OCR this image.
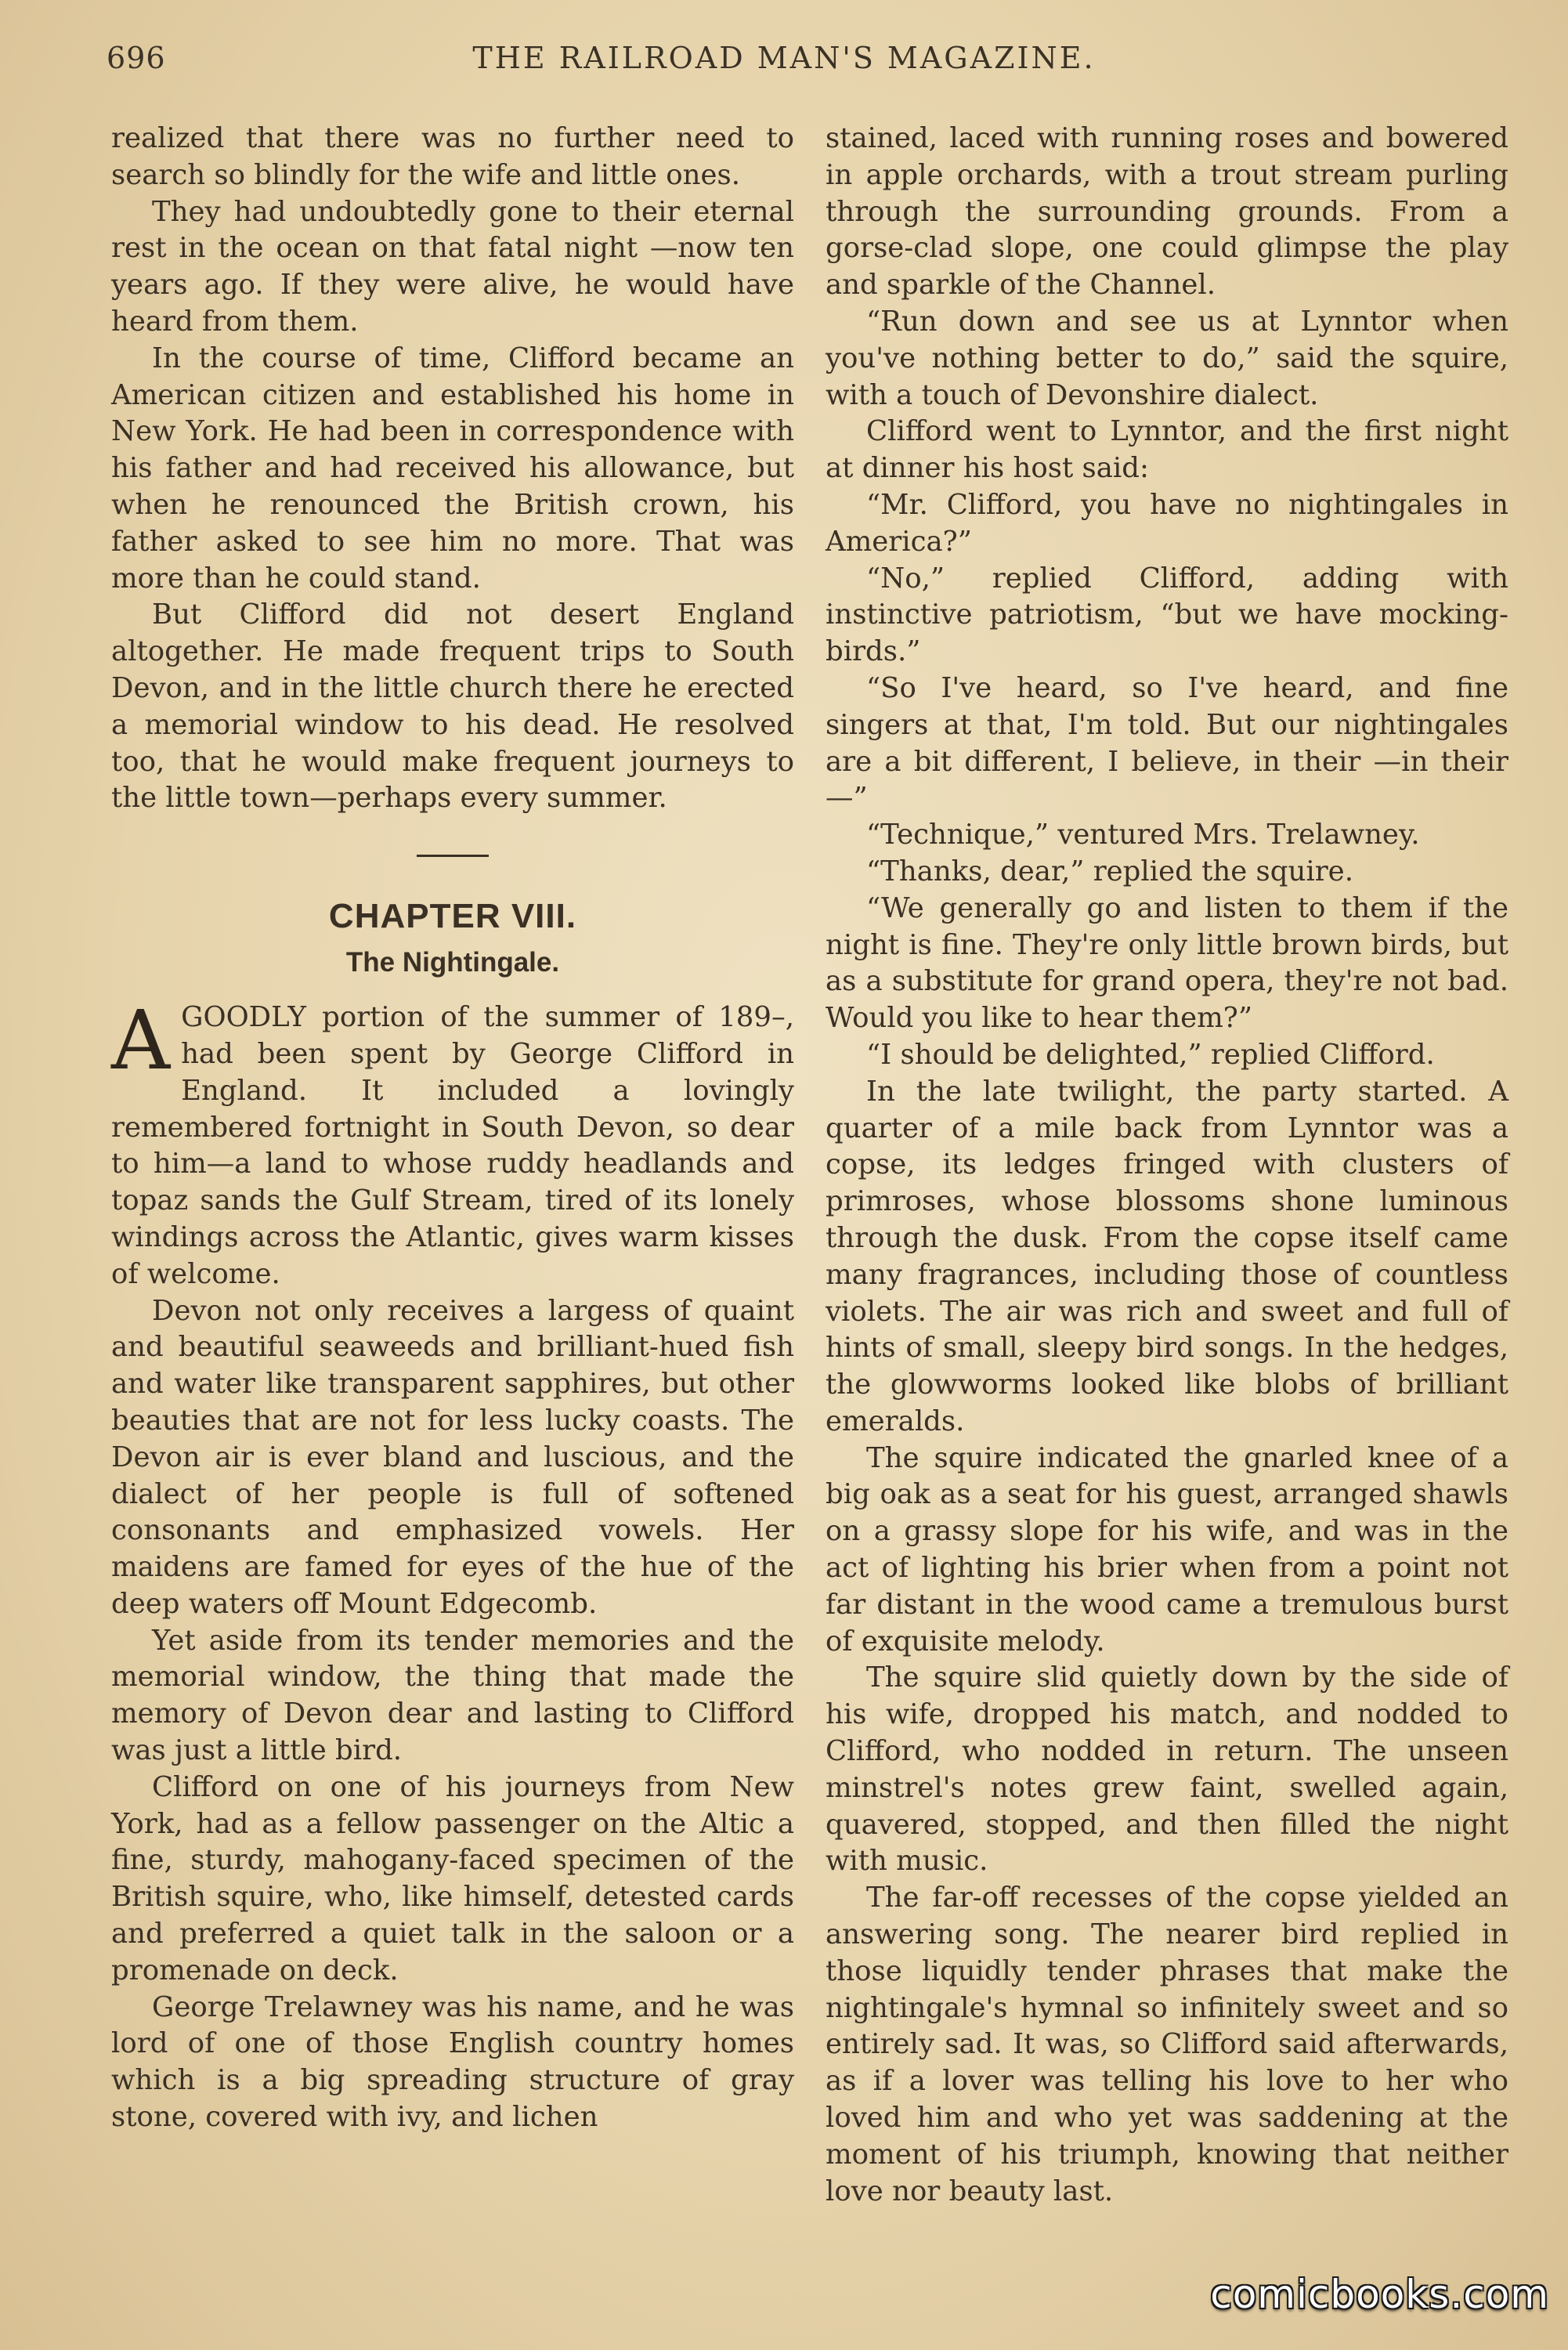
696	THE RAILROAD MAN'S MAGAZINE.

realized that there was no further need to search so blindly for the wife and little ones.

They had undoubtedly gone to their eternal rest in the ocean on that fatal night —now ten years ago. If they were alive, he would have heard from them.

In the course of time, Clifford became an American citizen and established his home in New York. He had been in correspondence with his father and had received his allowance, but when he renounced the British crown, his father asked to see him no more. That was more than he could stand.

But Clifford did not desert England altogether. He made frequent trips to South Devon, and in the little church there he erected a memorial window to his dead. He resolved too, that he would make frequent journeys to the little town—perhaps every summer.

CHAPTER VIII.
The Nightingale.

AGOODLY portion of the summer of 189–, had been spent by George Clifford in England. It included a lovingly remembered fortnight in South Devon, so dear to him—a land to whose ruddy headlands and topaz sands the Gulf Stream, tired of its lonely windings across the Atlantic, gives warm kisses of welcome.

Devon not only receives a largess of quaint and beautiful seaweeds and brilliant-hued fish and water like transparent sapphires, but other beauties that are not for less lucky coasts. The Devon air is ever bland and luscious, and the dialect of her people is full of softened consonants and emphasized vowels. Her maidens are famed for eyes of the hue of the deep waters off Mount Edgecomb.

Yet aside from its tender memories and the memorial window, the thing that made the memory of Devon dear and lasting to Clifford was just a little bird.

Clifford on one of his journeys from New York, had as a fellow passenger on the Altic a fine, sturdy, mahogany-faced specimen of the British squire, who, like himself, detested cards and preferred a quiet talk in the saloon or a promenade on deck.

George Trelawney was his name, and he was lord of one of those English country homes which is a big spreading structure of gray stone, covered with ivy, and lichen

stained, laced with running roses and bowered in apple orchards, with a trout stream purling through the surrounding grounds. From a gorse-clad slope, one could glimpse the play and sparkle of the Channel.

“Run down and see us at Lynntor when you've nothing better to do,” said the squire, with a touch of Devonshire dialect.

Clifford went to Lynntor, and the first night at dinner his host said:

“Mr. Clifford, you have no nightingales in America?”

“No,” replied Clifford, adding with instinctive patriotism, “but we have mocking-birds.”

“So I've heard, so I've heard, and fine singers at that, I'm told. But our nightingales are a bit different, I believe, in their —in their—”

“Technique,” ventured Mrs. Trelawney.

“Thanks, dear,” replied the squire.

“We generally go and listen to them if the night is fine. They're only little brown birds, but as a substitute for grand opera, they're not bad. Would you like to hear them?”

“I should be delighted,” replied Clifford.

In the late twilight, the party started. A quarter of a mile back from Lynntor was a copse, its ledges fringed with clusters of primroses, whose blossoms shone luminous through the dusk. From the copse itself came many fragrances, including those of countless violets. The air was rich and sweet and full of hints of small, sleepy bird songs. In the hedges, the glowworms looked like blobs of brilliant emeralds.

The squire indicated the gnarled knee of a big oak as a seat for his guest, arranged shawls on a grassy slope for his wife, and was in the act of lighting his brier when from a point not far distant in the wood came a tremulous burst of exquisite melody.

The squire slid quietly down by the side of his wife, dropped his match, and nodded to Clifford, who nodded in return. The unseen minstrel's notes grew faint, swelled again, quavered, stopped, and then filled the night with music.

The far-off recesses of the copse yielded an answering song. The nearer bird replied in those liquidly tender phrases that make the nightingale's hymnal so infinitely sweet and so entirely sad. It was, so Clifford said afterwards, as if a lover was telling his love to her who loved him and who yet was saddening at the moment of his triumph, knowing that neither love nor beauty last.

comicbooks.com
